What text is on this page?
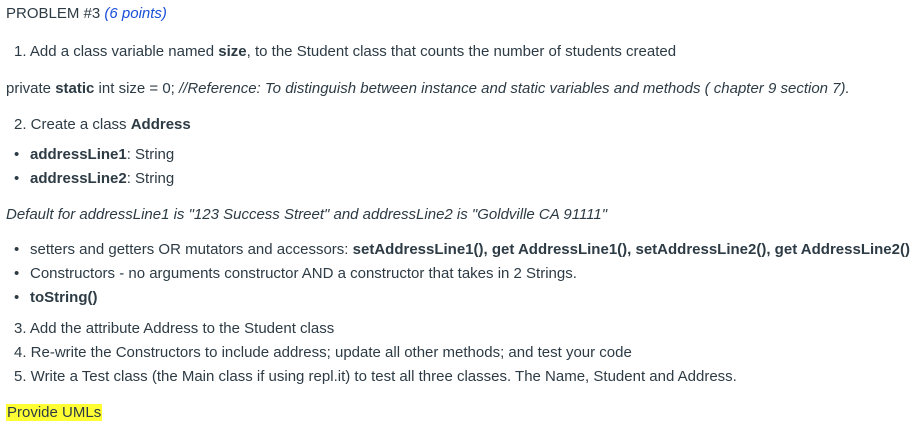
PROBLEM #3 (6 points)
1. Add a class variable named size, to the Student class that counts the number of students created
private static int size = 0; //Reference: To distinguish between instance and static variables and methods ( chapter 9 section 7).
2. Create a class Address
• addressLine1: String
• addressLine2: String
Default for addressLine1 is "123 Success Street" and addressLine2 is "Goldville CA 91111"
• setters and getters OR mutators and accessors: setAddressLine1(), get AddressLine1(), setAddressLine2(), get AddressLine2()
• Constructors - no arguments constructor AND a constructor that takes in 2 Strings.
• toString()
3. Add the attribute Address to the Student class
4. Re-write the Constructors to include address; update all other methods; and test your code
5. Write a Test class (the Main class if using repl.it) to test all three classes. The Name, Student and Address.
Provide UMLs
